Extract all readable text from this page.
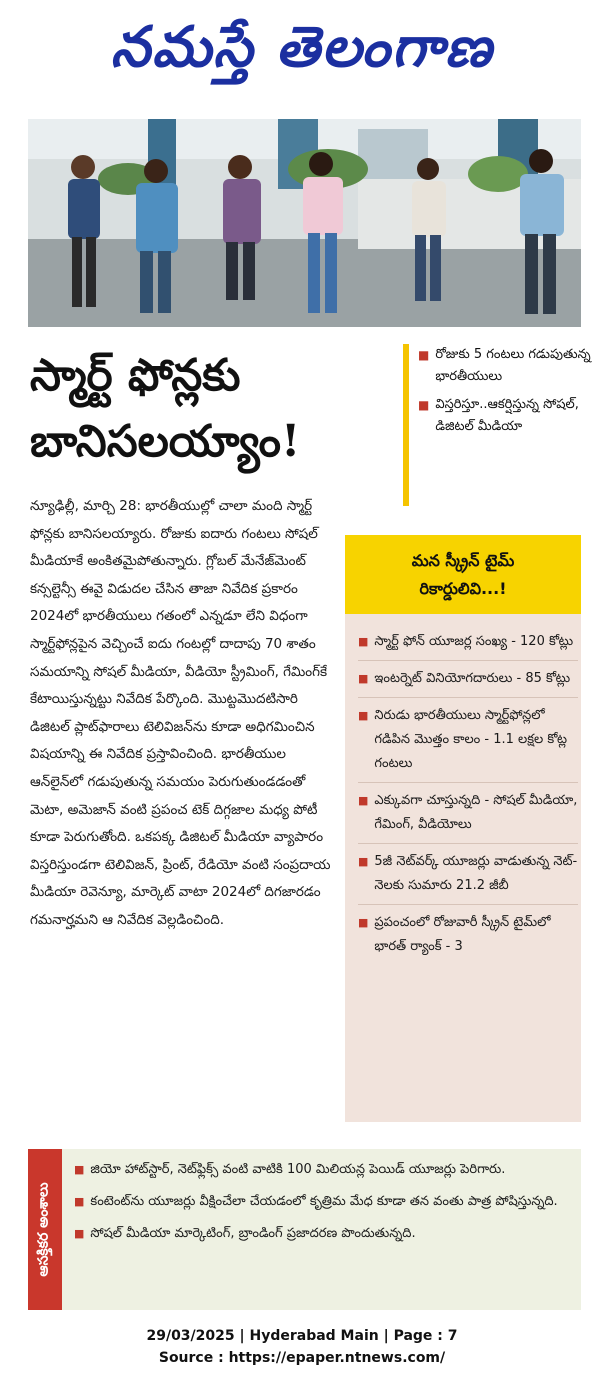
నమస్తే తెలంగాణ
స్మార్ట్ ఫోన్లకు
బానిసలయ్యాం!
■ రోజుకు 5 గంటలు గడుపుతున్న భారతీయులు
■ విస్తరిస్తూ..ఆకర్షిస్తున్న సోషల్, డిజిటల్ మీడియా
న్యూఢిల్లీ, మార్చి 28: భారతీయుల్లో చాలా మంది స్మార్ట్ ఫోన్లకు బానిసలయ్యారు. రోజుకు ఐదారు గంటలు సోషల్ మీడియాకే అంకితమైపోతున్నారు. గ్లోబల్ మేనేజ్‌మెంట్ కన్సల్టెన్సీ ఈవై విడుదల చేసిన తాజా నివేదిక ప్రకారం 2024లో భారతీయులు గతంలో ఎన్నడూ లేని విధంగా స్మార్ట్‌ఫోన్లపైన వెచ్చించే ఐదు గంటల్లో దాదాపు 70 శాతం సమయాన్ని సోషల్ మీడియా, వీడియో స్ట్రీమింగ్, గేమింగ్‌కే కేటాయిస్తున్నట్టు నివేదిక పేర్కొంది. మొట్టమొదటిసారి డిజిటల్ ప్లాట్‌ఫారాలు టెలివిజన్‌ను కూడా అధిగమించిన విషయాన్ని ఈ నివేదిక ప్రస్తావించింది. భారతీయుల ఆన్‌లైన్‌లో గడుపుతున్న సమయం పెరుగుతుండడంతో మెటా, అమెజాన్ వంటి ప్రపంచ టెక్ దిగ్గజాల మధ్య పోటీ కూడా పెరుగుతోంది. ఒకపక్క డిజిటల్ మీడియా వ్యాపారం విస్తరిస్తుండగా టెలివిజన్, ప్రింట్, రేడియో వంటి సంప్రదాయ మీడియా రెవెన్యూ, మార్కెట్ వాటా 2024లో దిగజారడం గమనార్హమని ఆ నివేదిక వెల్లడించింది.
మన స్క్రీన్ టైమ్
రికార్డులివి...!
■ స్మార్ట్ ఫోన్ యూజర్ల సంఖ్య - 120 కోట్లు
■ ఇంటర్నెట్ వినియోగదారులు - 85 కోట్లు
■ నిరుడు భారతీయులు స్మార్ట్‌ఫోన్లలో గడిపిన మొత్తం కాలం - 1.1 లక్షల కోట్ల గంటలు
■ ఎక్కువగా చూస్తున్నది - సోషల్ మీడియా, గేమింగ్, వీడియోలు
■ 5జీ నెట్‌వర్క్ యూజర్లు వాడుతున్న నెట్- నెలకు సుమారు 21.2 జీబీ
■ ప్రపంచంలో రోజువారీ స్క్రీన్ టైమ్‌లో భారత్ ర్యాంక్ - 3
ఆసక్తికర అంశాలు
■ జియో హాట్‌స్టార్, నెట్‌ఫ్లిక్స్ వంటి వాటికి 100 మిలియన్ల పెయిడ్ యూజర్లు పెరిగారు.
■ కంటెంట్‌ను యూజర్లు వీక్షించేలా చేయడంలో కృత్రిమ మేధ కూడా తన వంతు పాత్ర పోషిస్తున్నది.
■ సోషల్ మీడియా మార్కెటింగ్, బ్రాండింగ్ ప్రజాదరణ పొందుతున్నది.
29/03/2025 | Hyderabad Main | Page : 7
Source : https://epaper.ntnews.com/
